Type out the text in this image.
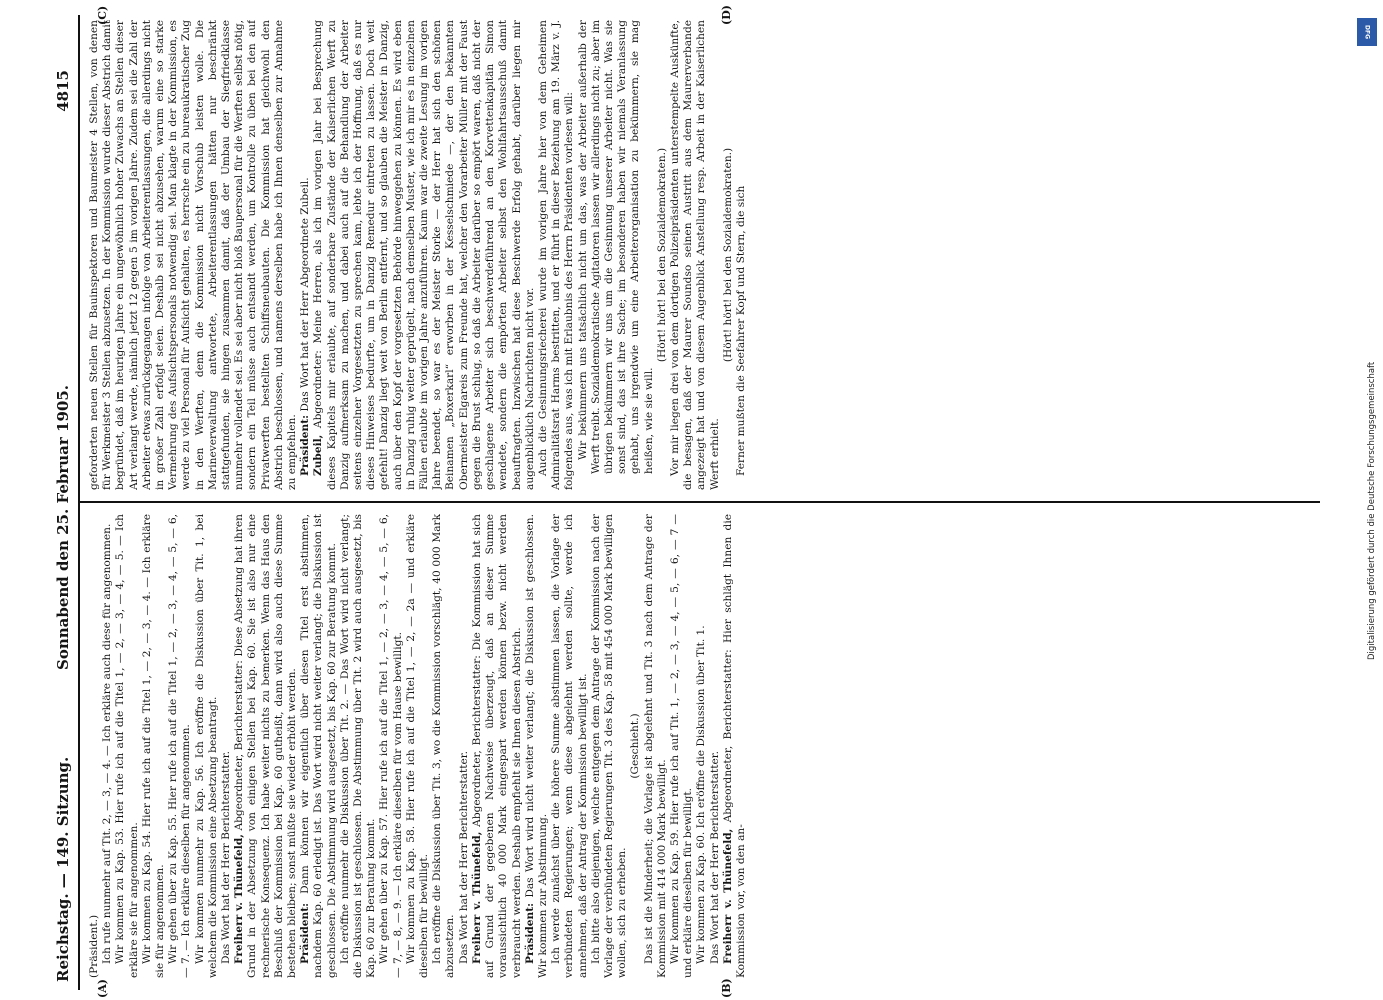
Reichstag. — 149. Sitzung.
Sonnabend den 25. Februar 1905.
4815
(A)	(B)
(C)	(D)

(Präsident.) Ich rufe nunmehr auf Tit. 2, — 3, — 4. — Ich erkläre auch diese für angenommen. Wir kommen zu Kap. 53. Hier rufe ich auf die Titel 1, — 2, — 3, — 4, — 5. — Ich erkläre sie für angenommen. Wir kommen zu Kap. 54. Hier rufe ich auf die Titel 1, — 2, — 3, — 4. — Ich erkläre sie für angenommen. Wir gehen über zu Kap. 55. Hier rufe ich auf die Titel 1, — 2, — 3, — 4, — 5, — 6, — 7. — Ich erkläre dieselben für angenommen. Wir kommen nunmehr zu Kap. 56. Ich eröffne die Diskussion über Tit. 1, bei welchem die Kommission eine Absetzung beantragt. Das Wort hat der Herr Berichterstatter. Freiherr v. Thünefeld, Abgeordneter, Berichterstatter: Diese Absetzung hat ihren Grund in der Absetzung von einigen Stellen bei Kap. 60. Sie ist also nur eine rechnerische Konsequenz. Ich habe weiter nichts zu bemerken. Wenn das Haus den Beschluß der Kommission bei Kap. 60 gutheißt, dann wird also auch diese Summe bestehen bleiben; sonst müßte sie wieder erhöht werden. Präsident: Dann können wir eigentlich über diesen Titel erst abstimmen, nachdem Kap. 60 erledigt ist. Das Wort wird nicht weiter verlangt; die Diskussion ist geschlossen. Die Abstimmung wird ausgesetzt, bis Kap. 60 zur Beratung kommt. Ich eröffne nunmehr die Diskussion über Tit. 2. — Das Wort wird nicht verlangt; die Diskussion ist geschlossen. Die Abstimmung über Tit. 2 wird auch ausgesetzt, bis Kap. 60 zur Beratung kommt. Wir gehen über zu Kap. 57. Hier rufe ich auf die Titel 1, — 2, — 3, — 4, — 5, — 6, — 7, — 8, — 9. — Ich erkläre dieselben für vom Hause bewilligt. Wir kommen zu Kap. 58. Hier rufe ich auf die Titel 1, — 2, — 2a — und erkläre dieselben für bewilligt. Ich eröffne die Diskussion über Tit. 3, wo die Kommission vorschlägt, 40 000 Mark abzusetzen. Das Wort hat der Herr Berichterstatter. Freiherr v. Thünefeld, Abgeordneter, Berichterstatter: Die Kommission hat sich auf Grund der gegebenen Nachweise überzeugt, daß an dieser Summe voraussichtlich 40 000 Mark eingespart werden können bezw. nicht werden verbraucht werden. Deshalb empfiehlt sie Ihnen diesen Abstrich. Präsident: Das Wort wird nicht weiter verlangt; die Diskussion ist geschlossen. Wir kommen zur Abstimmung. Ich werde zunächst über die höhere Summe abstimmen lassen, die Vorlage der verbündeten Regierungen; wenn diese abgelehnt werden sollte, werde ich annehmen, daß der Antrag der Kommission bewilligt ist. Ich bitte also diejenigen, welche entgegen dem Antrage der Kommission nach der Vorlage der verbündeten Regierungen Tit. 3 des Kap. 58 mit 454 000 Mark bewilligen wollen, sich zu erheben.

(Geschieht.) Das ist die Minderheit; die Vorlage ist abgelehnt und Tit. 3 nach dem Antrage der Kommission mit 414 000 Mark bewilligt. Wir kommen zu Kap. 59. Hier rufe ich auf Tit. 1, — 2, — 3, — 4, — 5, — 6, — 7 — und erkläre dieselben für bewilligt. Wir kommen zu Kap. 60. Ich eröffne die Diskussion über Tit. 1. Das Wort hat der Herr Berichterstatter. Freiherr v. Thünefeld, Abgeordneter, Berichterstatter: Hier schlägt Ihnen die Kommission vor, von den an-

geforderten neuen Stellen für Bauinspektoren und Baumeister 4 Stellen, von denen für Werkmeister 3 Stellen abzusetzen. In der Kommission wurde dieser Abstrich damit begründet, daß im heurigen Jahre ein ungewöhnlich hoher Zuwachs an Stellen dieser Art verlangt werde, nämlich jetzt 12 gegen 5 im vorigen Jahre. Zudem sei die Zahl der Arbeiter etwas zurückgegangen infolge von Arbeiterentlassungen, die allerdings nicht in großer Zahl erfolgt seien. Deshalb sei nicht abzusehen, warum eine so starke Vermehrung des Aufsichtspersonals notwendig sei. Man klagte in der Kommission, es werde zu viel Personal für Aufsicht gehalten, es herrsche ein zu bureaukratischer Zug in den Werften, denn die Kommission nicht Vorschub leisten wolle. Die Marineverwaltung antwortete, Arbeiterentlassungen hätten nur beschränkt stattgefunden, sie hingen zusammen damit, daß der Umbau der Siegfriedklasse nunmehr vollendet sei. Es sei aber nicht bloß Baupersonal für die Werften selbst nötig, sondern ein Teil müsse auch entsandt werden, um Kontrolle zu üben bei den auf Privatwerften bestellten Schiffsneubauten. Die Kommission hat gleichwohl den Abstrich beschlossen, und namens derselben habe ich Ihnen denselben zur Annahme zu empfehlen. Präsident: Das Wort hat der Herr Abgeordnete Zubeil.

Zubeil, Abgeordneter: Meine Herren, als ich im vorigen Jahr bei Besprechung dieses Kapitels mir erlaubte, auf sonderbare Zustände der Kaiserlichen Werft zu Danzig aufmerksam zu machen, und dabei auch auf die Behandlung der Arbeiter seitens einzelner Vorgesetzten zu sprechen kam, lebte ich der Hoffnung, daß es nur dieses Hinweises bedurfte, um in Danzig Remedur eintreten zu lassen. Doch weit gefehlt! Danzig liegt weit von Berlin entfernt, und so glauben die Meister in Danzig, auch über den Kopf der vorgesetzten Behörde hinweggehen zu können. Es wird eben in Danzig ruhig weiter geprügelt, nach demselben Muster, wie ich mir es in einzelnen Fällen erlaubte im vorigen Jahre anzuführen. Kaum war die zweite Lesung im vorigen Jahre beendet, so war es der Meister Storke — der Herr hat sich den schönen Beinamen „Boxerkarl“ erworben in der Kesselschmiede —, der den bekannten Obermeister Elgareis zum Freunde hat, welcher den Vorarbeiter Müller mit der Faust gegen die Brust schlug, so daß die Arbeiter darüber so empört waren, daß nicht der geschlagene Arbeiter sich beschwerdeführend an den Korvettenkapitän Simon wendete, sondern die empörten Arbeiter selbst den Wohlfahrtsausschuß damit beauftragten. Inzwischen hat diese Beschwerde Erfolg gehabt, darüber liegen mir augenblicklich Nachrichten nicht vor. Auch die Gesinnungsriecherei wurde im vorigen Jahre hier von dem Geheimen Admiralitätsrat Harms bestritten, und er führt in dieser Beziehung am 19. März v. J. folgendes aus, was ich mit Erlaubnis des Herrn Präsidenten vorlesen will: Wir bekümmern uns tatsächlich nicht um das, was der Arbeiter außerhalb der Werft treibt. Sozialdemokratische Agitatoren lassen wir allerdings nicht zu; aber im übrigen bekümmern wir uns um die Gesinnung unserer Arbeiter nicht. Was sie sonst sind, das ist ihre Sache; im besonderen haben wir niemals Veranlassung gehabt, uns irgendwie um eine Arbeiterorganisation zu bekümmern, sie mag heißen, wie sie will.

(Hört! hört! bei den Sozialdemokraten.) Vor mir liegen drei von dem dortigen Polizeipräsidenten unterstempelte Auskünfte, die besagen, daß der Maurer Soundso seinen Austritt aus dem Maurerverbande angezeigt hat und von diesem Augenblick Anstellung resp. Arbeit in der Kaiserlichen Werft erhielt.

(Hört! hört! bei den Sozialdemokraten.) Ferner mußten die Seefahrer Kopf und Stern, die sich

DFG
Digitalisierung gefördert durch die Deutsche Forschungsgemeinschaft
